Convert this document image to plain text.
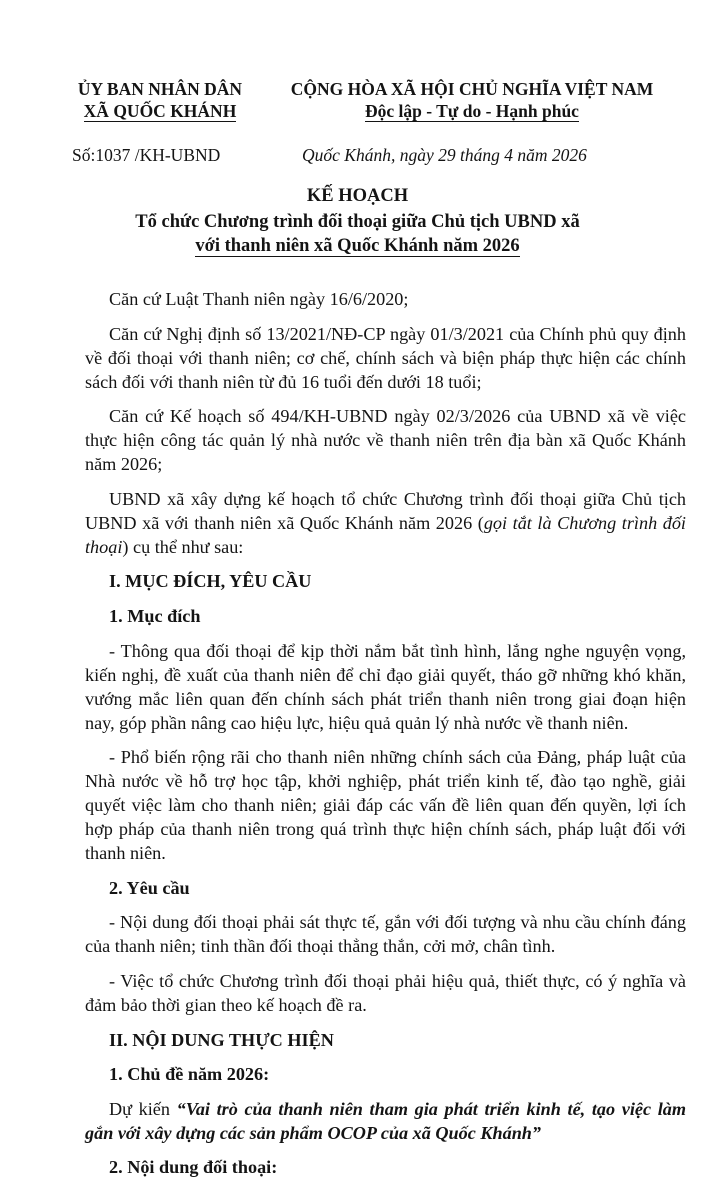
ỦY BAN NHÂN DÂN
XÃ QUỐC KHÁNH
CỘNG HÒA XÃ HỘI CHỦ NGHĨA VIỆT NAM
Độc lập - Tự do - Hạnh phúc
Số:1037 /KH-UBND	Quốc Khánh, ngày 29 tháng 4 năm 2026
KẾ HOẠCH
Tổ chức Chương trình đối thoại giữa Chủ tịch UBND xã
với thanh niên xã Quốc Khánh năm 2026

Căn cứ Luật Thanh niên ngày 16/6/2020;

Căn cứ Nghị định số 13/2021/NĐ-CP ngày 01/3/2021 của Chính phủ quy định về đối thoại với thanh niên; cơ chế, chính sách và biện pháp thực hiện các chính sách đối với thanh niên từ đủ 16 tuổi đến dưới 18 tuổi;

Căn cứ Kế hoạch số 494/KH-UBND ngày 02/3/2026 của UBND xã về việc thực hiện công tác quản lý nhà nước về thanh niên trên địa bàn xã Quốc Khánh năm 2026;

UBND xã xây dựng kế hoạch tổ chức Chương trình đối thoại giữa Chủ tịch UBND xã với thanh niên xã Quốc Khánh năm 2026 (gọi tắt là Chương trình đối thoại) cụ thể như sau:

I. MỤC ĐÍCH, YÊU CẦU

1. Mục đích

- Thông qua đối thoại để kịp thời nắm bắt tình hình, lắng nghe nguyện vọng, kiến nghị, đề xuất của thanh niên để chỉ đạo giải quyết, tháo gỡ những khó khăn, vướng mắc liên quan đến chính sách phát triển thanh niên trong giai đoạn hiện nay, góp phần nâng cao hiệu lực, hiệu quả quản lý nhà nước về thanh niên.

- Phổ biến rộng rãi cho thanh niên những chính sách của Đảng, pháp luật của Nhà nước về hỗ trợ học tập, khởi nghiệp, phát triển kinh tế, đào tạo nghề, giải quyết việc làm cho thanh niên; giải đáp các vấn đề liên quan đến quyền, lợi ích hợp pháp của thanh niên trong quá trình thực hiện chính sách, pháp luật đối với thanh niên.

2. Yêu cầu

- Nội dung đối thoại phải sát thực tế, gắn với đối tượng và nhu cầu chính đáng của thanh niên; tinh thần đối thoại thẳng thắn, cởi mở, chân tình.

- Việc tổ chức Chương trình đối thoại phải hiệu quả, thiết thực, có ý nghĩa và đảm bảo thời gian theo kế hoạch đề ra.

II. NỘI DUNG THỰC HIỆN

1. Chủ đề năm 2026:

Dự kiến “Vai trò của thanh niên tham gia phát triển kinh tế, tạo việc làm gắn với xây dựng các sản phẩm OCOP của xã Quốc Khánh”

2. Nội dung đối thoại:
